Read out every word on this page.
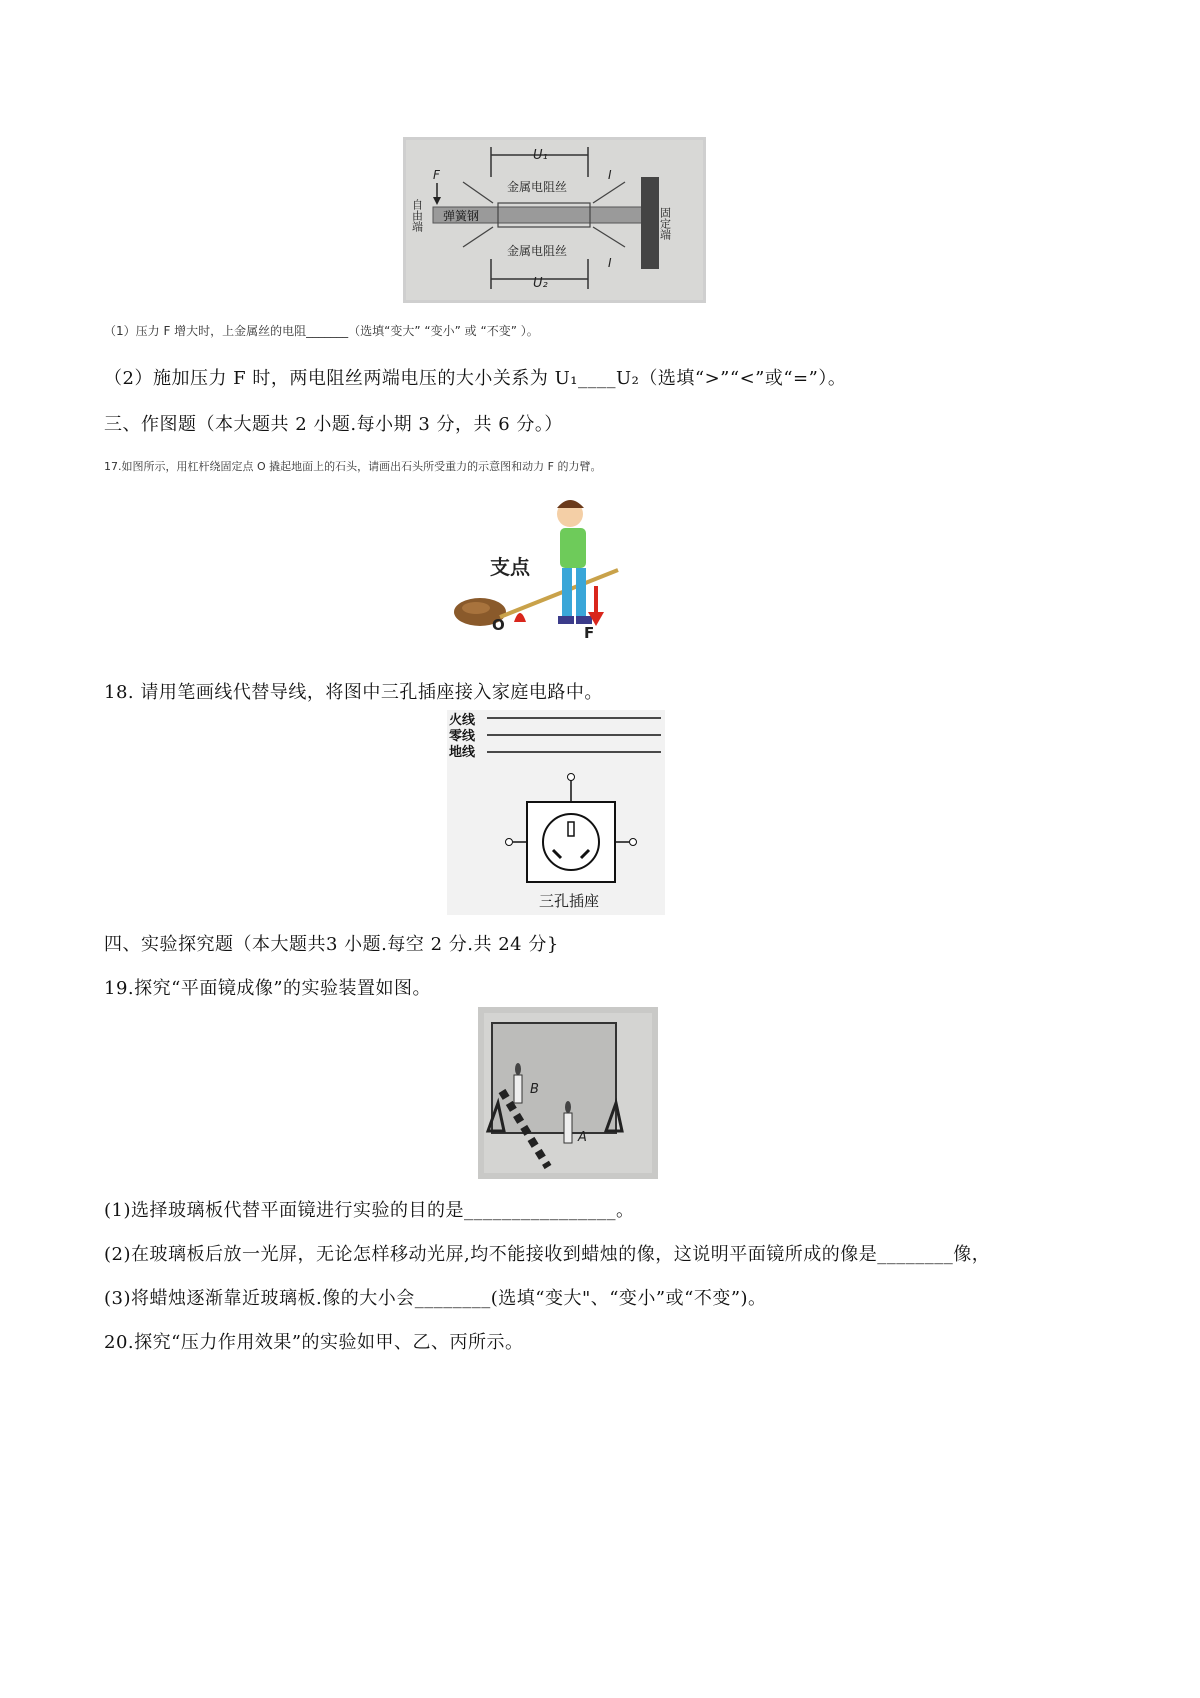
U₁
金属电阻丝
弹簧钢	固定端
自由端
F	I
I
金属电阻丝
U₂
（1）压力 F 增大时，上金属丝的电阻_______（选填“变大” “变小” 或 “不变” ）。
（2）施加压力 F 时，两电阻丝两端电压的大小关系为 U₁____U₂（选填“>”“<”或“=”）。
三、作图题（本大题共 2 小题.每小期 3 分，共 6 分。）
17.如图所示，用杠杆绕固定点 O 撬起地面上的石头，请画出石头所受重力的示意图和动力 F 的力臂。
支点
O	F
18. 请用笔画线代替导线，将图中三孔插座接入家庭电路中。
火线
零线
地线
三孔插座
四、实验探究题（本大题共3 小题.每空 2 分.共 24 分}
19.探究“平面镜成像”的实验装置如图。
B
A
(1)选择玻璃板代替平面镜进行实验的目的是________________。
(2)在玻璃板后放一光屏，无论怎样移动光屏,均不能接收到蜡烛的像，这说明平面镜所成的像是________像，
(3)将蜡烛逐渐靠近玻璃板.像的大小会________(选填“变大"、“变小”或“不变”)。
20.探究“压力作用效果”的实验如甲、乙、丙所示。
